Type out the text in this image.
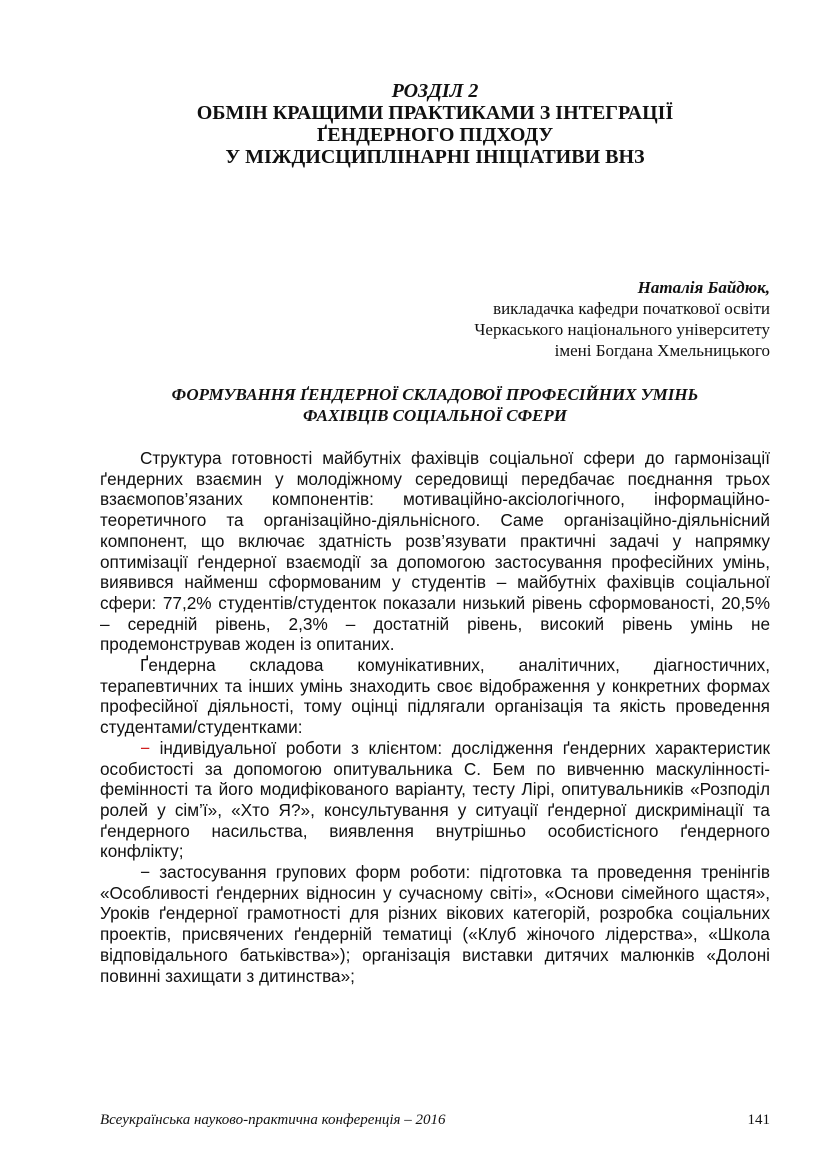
РОЗДІЛ 2
ОБМІН КРАЩИМИ ПРАКТИКАМИ З ІНТЕГРАЦІЇ
ҐЕНДЕРНОГО ПІДХОДУ
У МІЖДИСЦИПЛІНАРНІ ІНІЦІАТИВИ ВНЗ
Наталія Байдюк,
викладачка кафедри початкової освіти
Черкаського національного університету
імені Богдана Хмельницького
ФОРМУВАННЯ ҐЕНДЕРНОЇ СКЛАДОВОЇ ПРОФЕСІЙНИХ УМІНЬ
ФАХІВЦІВ СОЦІАЛЬНОЇ СФЕРИ

Структура готовності майбутніх фахівців соціальної сфери до гармонізації ґендерних взаємин у молодіжному середовищі передбачає поєднання трьох взаємопов’язаних компонентів: мотиваційно-аксіологічного, інформаційно-теоретичного та організаційно-діяльнісного. Саме організаційно-діяльнісний компонент, що включає здатність розв’язувати практичні задачі у напрямку оптимізації ґендерної взаємодії за допомогою застосування професійних умінь, виявився найменш сформованим у студентів – майбутніх фахівців соціальної сфери: 77,2% студентів/студенток показали низький рівень сформованості, 20,5% – середній рівень, 2,3% – достатній рівень, високий рівень умінь не продемонстрував жоден із опитаних.

Ґендерна складова комунікативних, аналітичних, діагностичних, терапевтичних та інших умінь знаходить своє відображення у конкретних формах професійної діяльності, тому оцінці підлягали організація та якість проведення студентами/студентками:

− індивідуальної роботи з клієнтом: дослідження ґендерних характеристик особистості за допомогою опитувальника С. Бем по вивченню маскулінності-фемінності та його модифікованого варіанту, тесту Лірі, опитувальників «Розподіл ролей у сім’ї», «Хто Я?», консультування у ситуації ґендерної дискримінації та ґендерного насильства, виявлення внутрішньо особистісного ґендерного конфлікту;

− застосування групових форм роботи: підготовка та проведення тренінгів «Особливості ґендерних відносин у сучасному світі», «Основи сімейного щастя», Уроків ґендерної грамотності для різних вікових категорій, розробка соціальних проектів, присвячених ґендерній тематиці («Клуб жіночого лідерства», «Школа відповідального батьківства»); організація виставки дитячих малюнків «Долоні повинні захищати з дитинства»;

Всеукраїнська науково-практична конференція – 2016	141
